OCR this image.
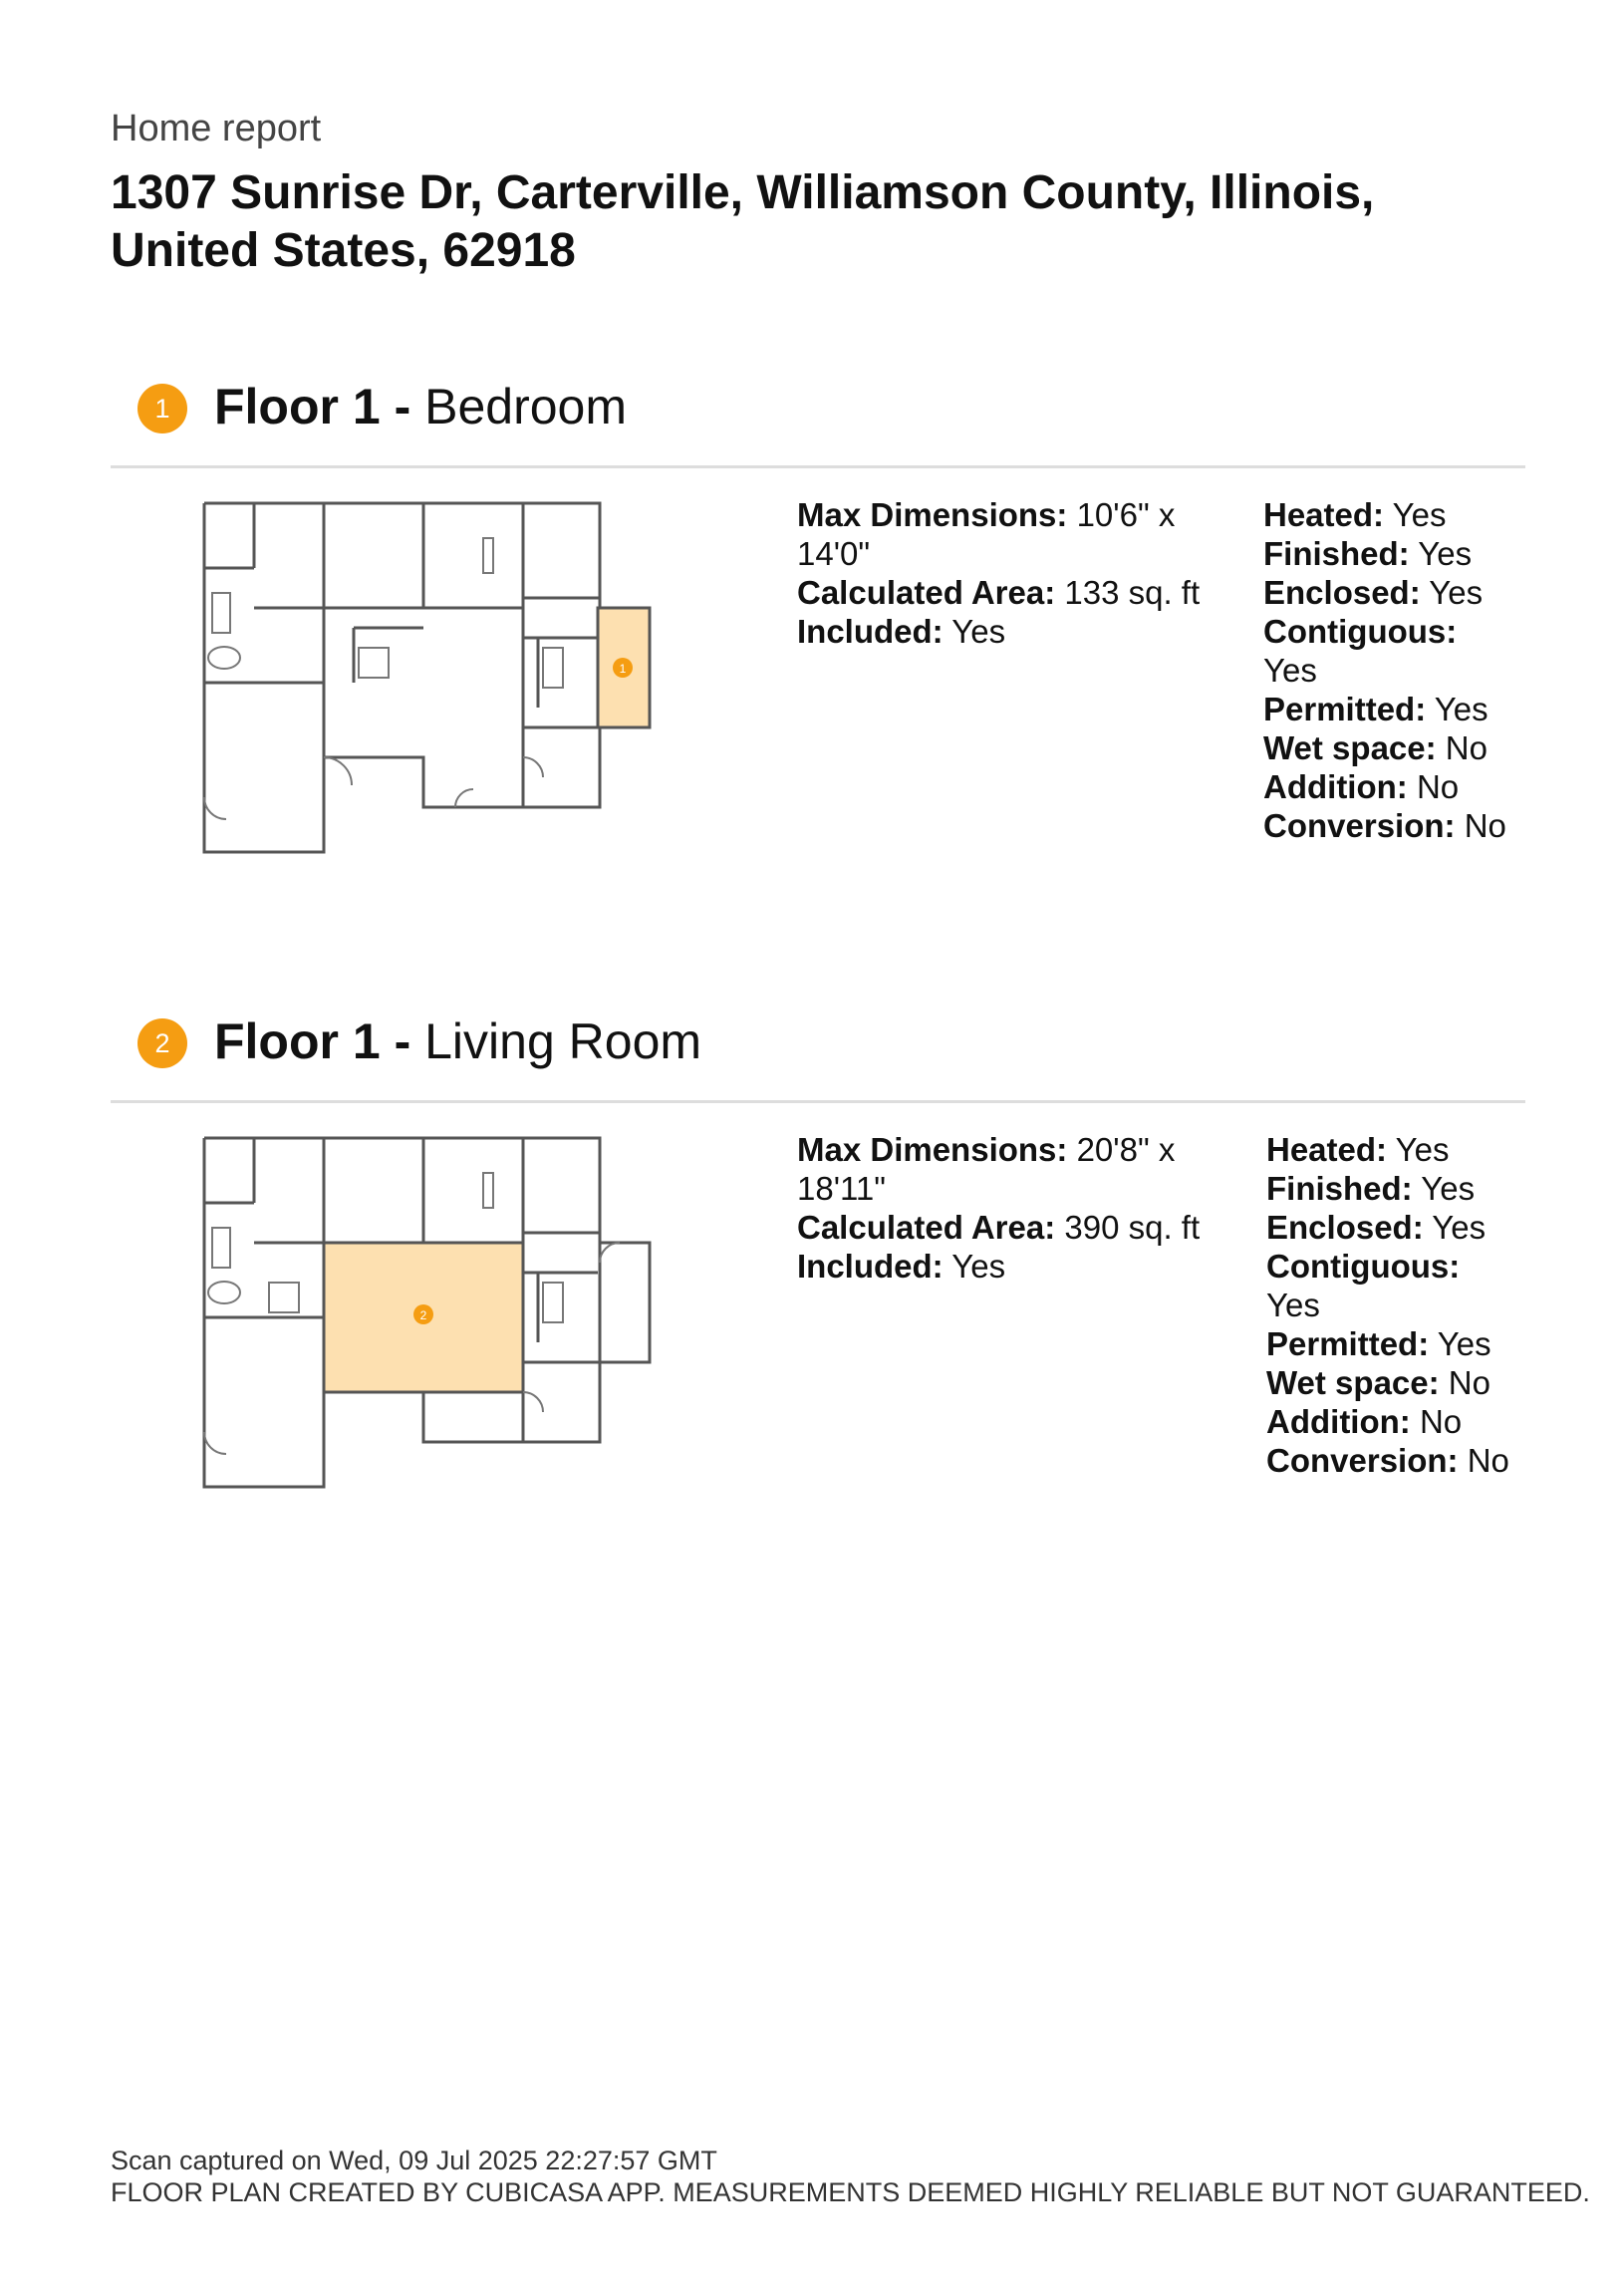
Home report
1307 Sunrise Dr, Carterville, Williamson County, Illinois, United States, 62918
1 Floor 1 - Bedroom
1
Max Dimensions: 10'6" x 14'0"
Calculated Area: 133 sq. ft
Included: Yes
Heated: Yes
Finished: Yes
Enclosed: Yes
Contiguous: Yes
Permitted: Yes
Wet space: No
Addition: No
Conversion: No
2 Floor 1 - Living Room
2
Max Dimensions: 20'8" x 18'11"
Calculated Area: 390 sq. ft
Included: Yes
Heated: Yes
Finished: Yes
Enclosed: Yes
Contiguous: Yes
Permitted: Yes
Wet space: No
Addition: No
Conversion: No
Scan captured on Wed, 09 Jul 2025 22:27:57 GMT
FLOOR PLAN CREATED BY CUBICASA APP. MEASUREMENTS DEEMED HIGHLY RELIABLE BUT NOT GUARANTEED.
